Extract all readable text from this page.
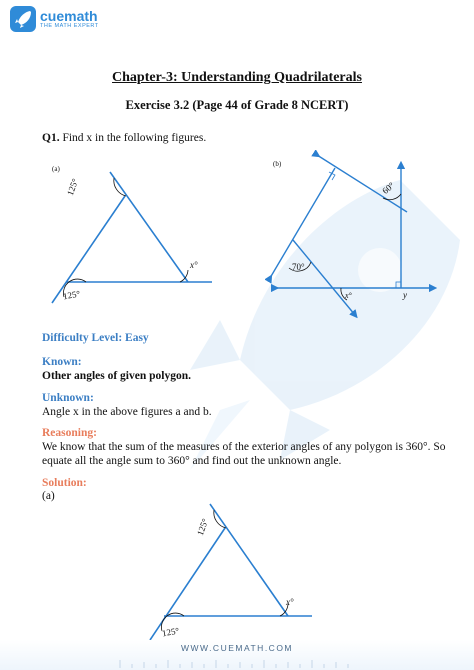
cuemath
THE MATH EXPERT
Chapter-3: Understanding Quadrilaterals
Exercise 3.2 (Page 44 of Grade 8 NCERT)
Q1. Find x in the following figures.
(a)
125°
125°
x°
(b)
60°
70°
x°	y
Difficulty Level: Easy
Known:
Other angles of given polygon.
Unknown:
Angle x in the above figures a and b.
Reasoning:
We know that the sum of the measures of the exterior angles of any polygon is 360°. So equate all the angle sum to 360° and find out the unknown angle.
Solution:
(a)
125°
125°
x°
WWW.CUEMATH.COM
